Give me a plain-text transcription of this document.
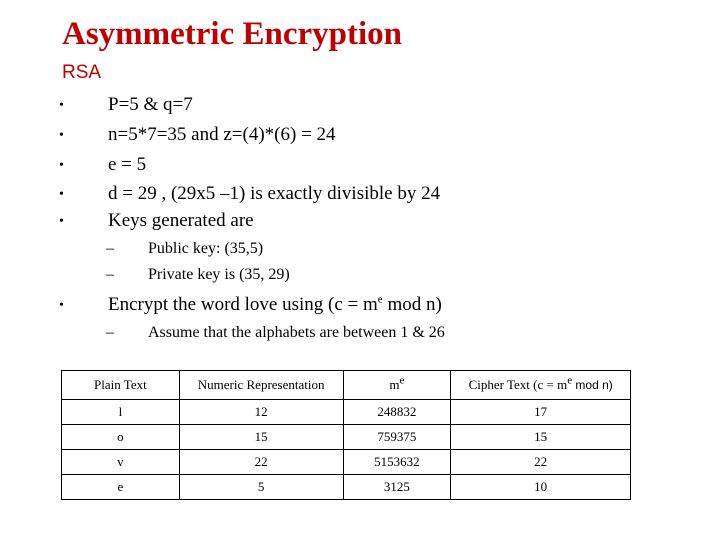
Asymmetric Encryption
RSA
• P=5 & q=7
• n=5*7=35 and z=(4)*(6) = 24
• e = 5
• d = 29 , (29x5 –1) is exactly divisible by 24
• Keys generated are
– Public key: (35,5)
– Private key is (35, 29)
• Encrypt the word love using ($c = m^e$ mod n)
– Assume that the alphabets are between 1 & 26
Plain Text	Numeric Representation	$m^e$	Cipher Text ($c = m^e$ mod n)
l	12	248832	17
o	15	759375	15
v	22	5153632	22
e	5	3125	10
